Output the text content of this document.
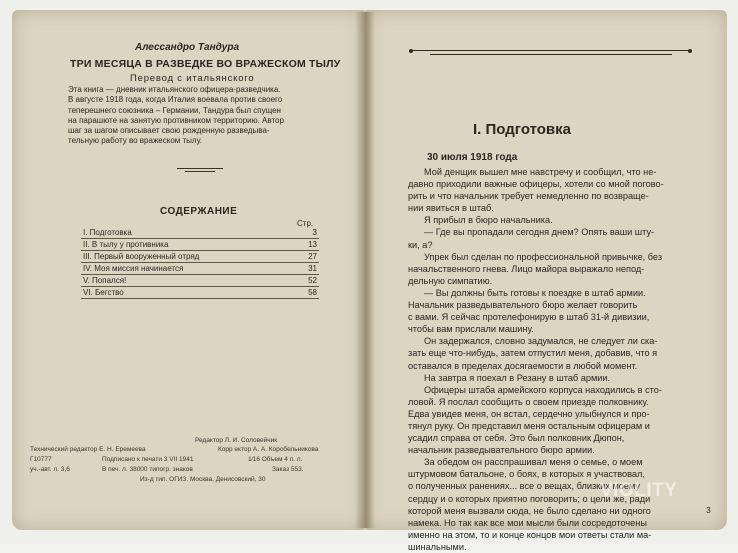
Алессандро Тандура
ТРИ МЕСЯЦА В РАЗВЕДКЕ ВО ВРАЖЕСКОМ ТЫЛУ
Перевод с итальянского
Эта книга — дневник итальянского офицера-разведчика.
В августе 1918 года, когда Италия воевала против своего
теперешнего союзника – Германии, Тандура был спущен
на парашюте на занятую противником территорию. Автор
шаг за шагом описывает свою рожденную разведыва-
тельную работу во вражеском тылу.
СОДЕРЖАНИЕ
Стр.
I. Подготовка	3
II. В тылу у противника	13
III. Первый вооруженный отряд	27
IV. Моя миссия начинается	31
V. Попался!	52
VI. Бегство	58
Редактор Л. И. Соловейчик
Технический редактор Е. Н. Еремеева	Корр ектор А. А. Коробельникова
Г10777	Подписано к печати 3 VII 1941	1⁄16 Объем 4 п. л.
уч.-авт. л. 3,6	В печ. л. 38000 типогр. знаков	Заказ 553.
Из-д тип. ОГИЗ. Москва, Денисовский, 30
I. Подготовка
30 июля 1918 года
Мой денщик вышел мне навстречу и сообщил, что не-
давно приходили важные офицеры, хотели со мной погово-
рить и что начальник требует немедленно по возвраще-
нии явиться в штаб.
Я прибыл в бюро начальника.
— Где вы пропадали сегодня днем? Опять ваши шту-
ки, а?
Упрек был сделан по профессиональной привычке, без
начальственного гнева. Лицо майора выражало непод-
дельную симпатию.
— Вы должны быть готовы к поездке в штаб армии.
Начальник разведывательного бюро желает говорить
с вами. Я сейчас протелефонирую в штаб 31-й дивизии,
чтобы вам прислали машину.
Он задержался, словно задумался, не следует ли ска-
зать еще что-нибудь, затем отпустил меня, добавив, что я
оставался в пределах досягаемости в любой момент.
На завтра я поехал в Резану в штаб армии.
Офицеры штаба армейского корпуса находились в сто-
ловой. Я послал сообщить о своем приезде полковнику.
Едва увидев меня, он встал, сердечно улыбнулся и про-
тянул руку. Он представил меня остальным офицерам и
усадил справа от себя. Это был полковник Дюпон,
начальник разведывательного бюро армии.
За обедом он расспрашивал меня о семье, о моем
штурмовом батальоне, о боях, в которых я участвовал,
о полученных ранениях... все о вещах, близких моему
сердцу и о которых приятно поговорить; о цели же, ради
которой меня вызвали сюда, не было сделано ни одного
намека. Но так как все мои мысли были сосредоточены
именно на этом, то и конце концов мои ответы стали ма-
шинальными.
VIOLITY
3
